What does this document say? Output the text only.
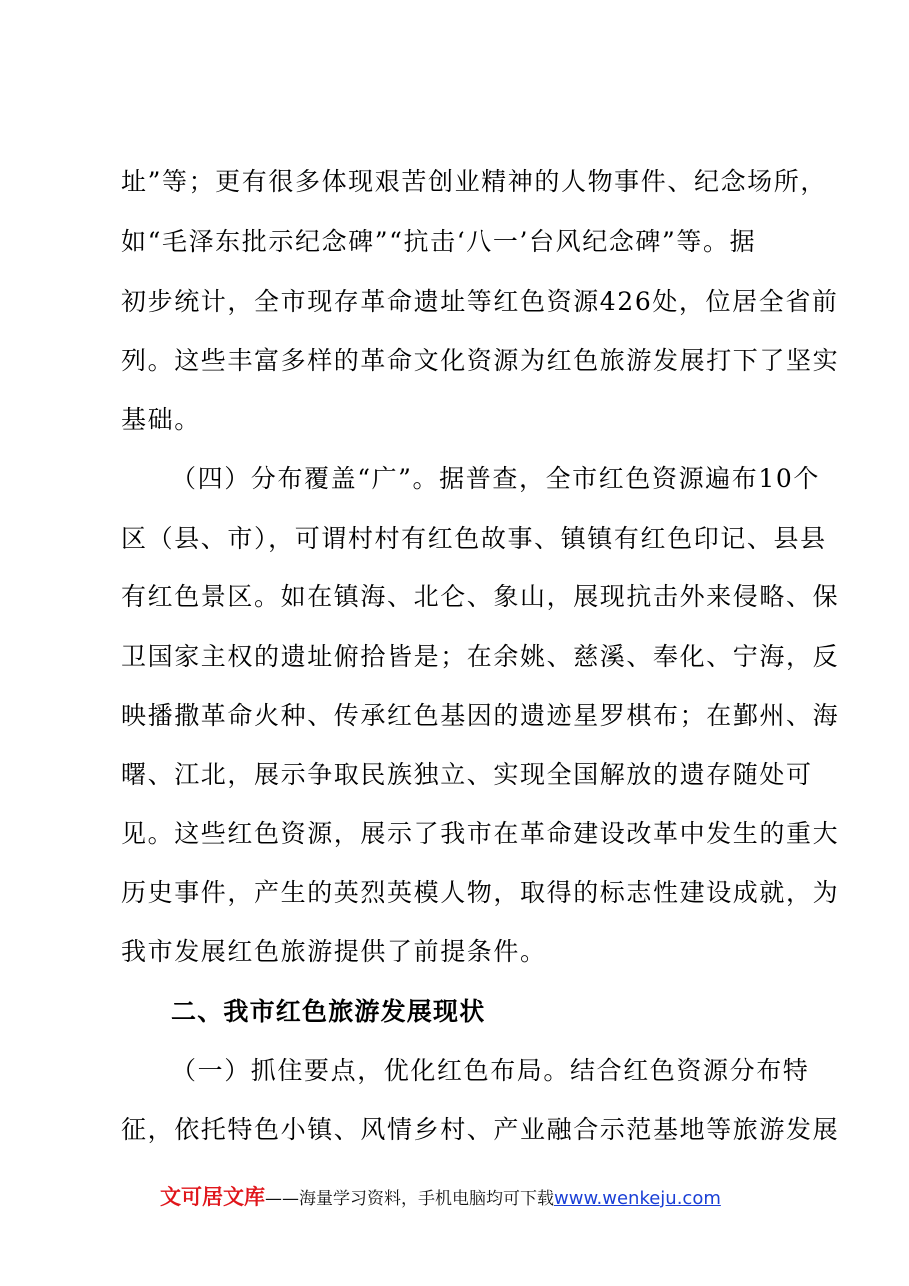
址”等；更有很多体现艰苦创业精神的人物事件、纪念场所，
如“毛泽东批示纪念碑”“抗击‘八一’台风纪念碑”等。据
初步统计，全市现存革命遗址等红色资源426处，位居全省前
列。这些丰富多样的革命文化资源为红色旅游发展打下了坚实
基础。
（四）分布覆盖“广”。据普查，全市红色资源遍布10个
区（县、市），可谓村村有红色故事、镇镇有红色印记、县县
有红色景区。如在镇海、北仑、象山，展现抗击外来侵略、保
卫国家主权的遗址俯拾皆是；在余姚、慈溪、奉化、宁海，反
映播撒革命火种、传承红色基因的遗迹星罗棋布；在鄞州、海
曙、江北，展示争取民族独立、实现全国解放的遗存随处可
见。这些红色资源，展示了我市在革命建设改革中发生的重大
历史事件，产生的英烈英模人物，取得的标志性建设成就，为
我市发展红色旅游提供了前提条件。
二、我市红色旅游发展现状
（一）抓住要点，优化红色布局。结合红色资源分布特
征，依托特色小镇、风情乡村、产业融合示范基地等旅游发展
文可居文库——海量学习资料，手机电脑均可下载www.wenkeju.com
